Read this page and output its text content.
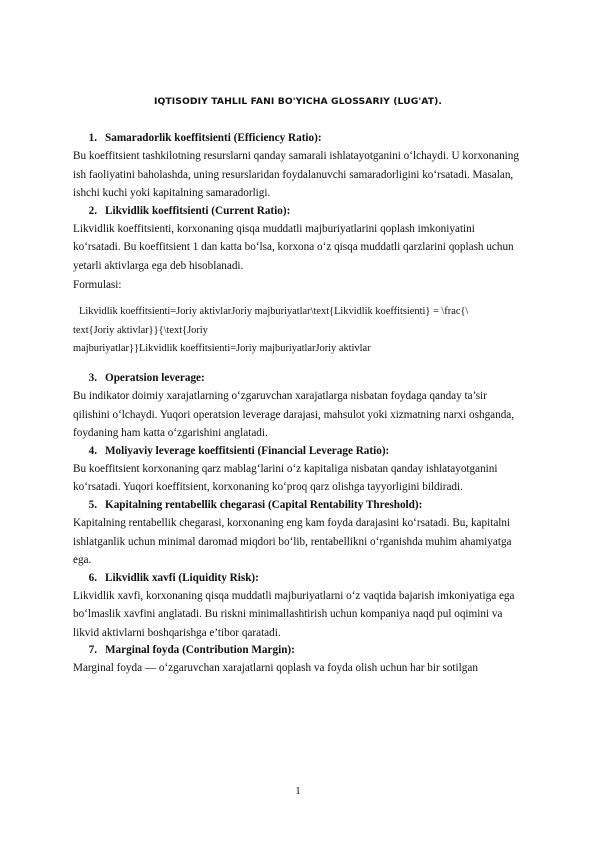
IQTISODIY TAHLIL FANI BO'YICHA GLOSSARIY (LUG'AT).
1. Samaradorlik koeffitsienti (Efficiency Ratio):
Bu koeffitsient tashkilotning resurslarni qanday samarali ishlatayotganini o‘lchaydi. U korxonaning
ish faoliyatini baholashda, uning resurslaridan foydalanuvchi samaradorligini ko‘rsatadi. Masalan,
ishchi kuchi yoki kapitalning samaradorligi.
2. Likvidlik koeffitsienti (Current Ratio):
Likvidlik koeffitsienti, korxonaning qisqa muddatli majburiyatlarini qoplash imkoniyatini
ko‘rsatadi. Bu koeffitsient 1 dan katta bo‘lsa, korxona o‘z qisqa muddatli qarzlarini qoplash uchun
yetarli aktivlarga ega deb hisoblanadi.
Formulasi:
Likvidlik koeffitsienti=Joriy aktivlarJoriy majburiyatlar\text{Likvidlik koeffitsienti} = \frac{\
text{Joriy aktivlar}}{\text{Joriy
majburiyatlar}}Likvidlik koeffitsienti=Joriy majburiyatlarJoriy aktivlar
3. Operatsion leverage:
Bu indikator doimiy xarajatlarning o‘zgaruvchan xarajatlarga nisbatan foydaga qanday ta’sir
qilishini o‘lchaydi. Yuqori operatsion leverage darajasi, mahsulot yoki xizmatning narxi oshganda,
foydaning ham katta o‘zgarishini anglatadi.
4. Moliyaviy leverage koeffitsienti (Financial Leverage Ratio):
Bu koeffitsient korxonaning qarz mablag‘larini o‘z kapitaliga nisbatan qanday ishlatayotganini
ko‘rsatadi. Yuqori koeffitsient, korxonaning ko‘proq qarz olishga tayyorligini bildiradi.
5. Kapitalning rentabellik chegarasi (Capital Rentability Threshold):
Kapitalning rentabellik chegarasi, korxonaning eng kam foyda darajasini ko‘rsatadi. Bu, kapitalni
ishlatganlik uchun minimal daromad miqdori bo‘lib, rentabellikni o‘rganishda muhim ahamiyatga
ega.
6. Likvidlik xavfi (Liquidity Risk):
Likvidlik xavfi, korxonaning qisqa muddatli majburiyatlarni o‘z vaqtida bajarish imkoniyatiga ega
bo‘lmaslik xavfini anglatadi. Bu riskni minimallashtirish uchun kompaniya naqd pul oqimini va
likvid aktivlarni boshqarishga e’tibor qaratadi.
7. Marginal foyda (Contribution Margin):
Marginal foyda — o‘zgaruvchan xarajatlarni qoplash va foyda olish uchun har bir sotilgan
1
